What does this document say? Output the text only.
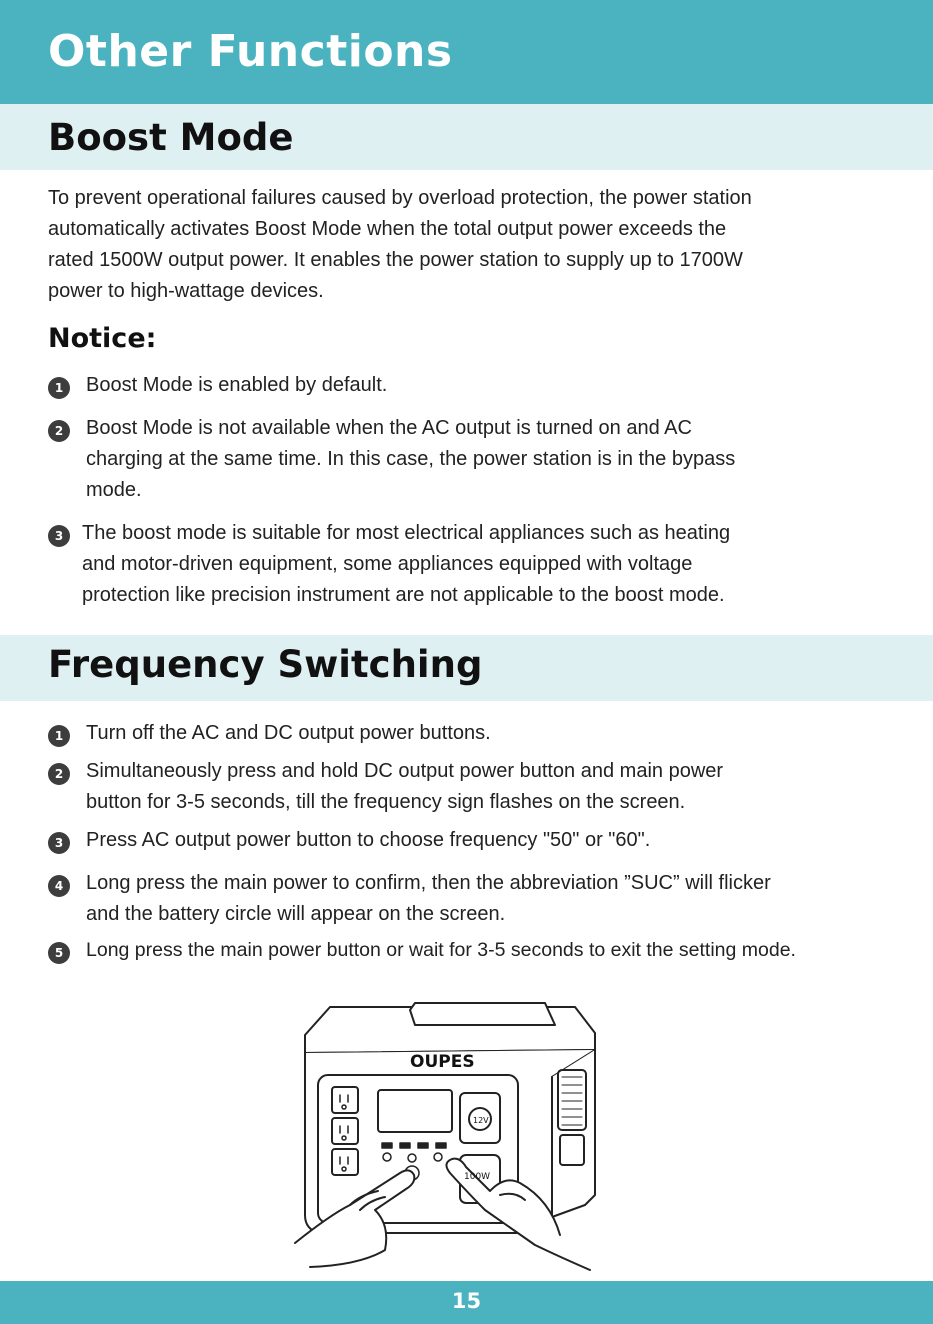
Other Functions
Boost Mode

To prevent operational failures caused by overload protection, the power station
automatically activates Boost Mode when the total output power exceeds the
rated 1500W output power. It enables the power station to supply up to 1700W
power to high-wattage devices.

Notice:
1	Boost Mode is enabled by default.

2	Boost Mode is not available when the AC output is turned on and AC
charging at the same time. In this case, the power station is in the bypass
mode.

3 The boost mode is suitable for most electrical appliances such as heating
and motor-driven equipment, some appliances equipped with voltage
protection like precision instrument are not applicable to the boost mode.

Frequency Switching
1	Turn off the AC and DC output power buttons.

2	Simultaneously press and hold DC output power button and main power
button for 3-5 seconds, till the frequency sign flashes on the screen.

3	Press AC output power button to choose frequency "50" or "60".

4	Long press the main power to confirm, then the abbreviation ”SUC” will flicker
and the battery circle will appear on the screen.

5	Long press the main power button or wait for 3-5 seconds to exit the setting mode.

OUPES
100W
12V
15
